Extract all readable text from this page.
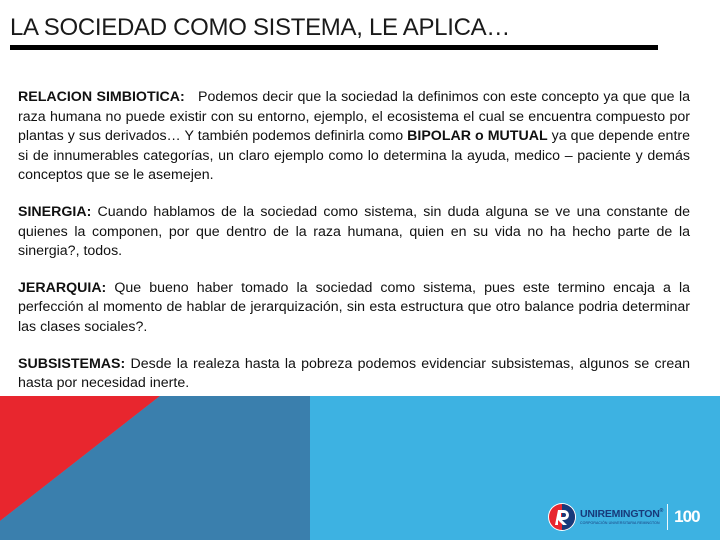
LA SOCIEDAD COMO SISTEMA, LE APLICA…

RELACION SIMBIOTICA:   Podemos decir que la sociedad la definimos con este concepto ya que que la raza humana no puede existir con su entorno, ejemplo, el ecosistema el cual se encuentra compuesto por plantas y sus derivados… Y también podemos definirla como BIPOLAR o MUTUAL ya que depende entre si de innumerables categorías, un claro ejemplo como lo determina la ayuda, medico – paciente y demás conceptos que se le asemejen.

SINERGIA: Cuando hablamos de la sociedad como sistema, sin duda alguna se ve una constante de quienes la componen, por que dentro de la raza humana, quien en su vida no ha hecho parte de la sinergia?, todos.

JERARQUIA: Que bueno haber tomado la sociedad como sistema, pues este termino encaja a la perfección al momento de hablar de jerarquización, sin esta estructura que otro balance podria determinar las clases sociales?.

SUBSISTEMAS: Desde la realeza hasta la pobreza podemos evidenciar subsistemas, algunos se crean hasta por necesidad inerte.

UNIREMINGTON®
CORPORACIÓN UNIVERSITARIA REMINGTON 100
